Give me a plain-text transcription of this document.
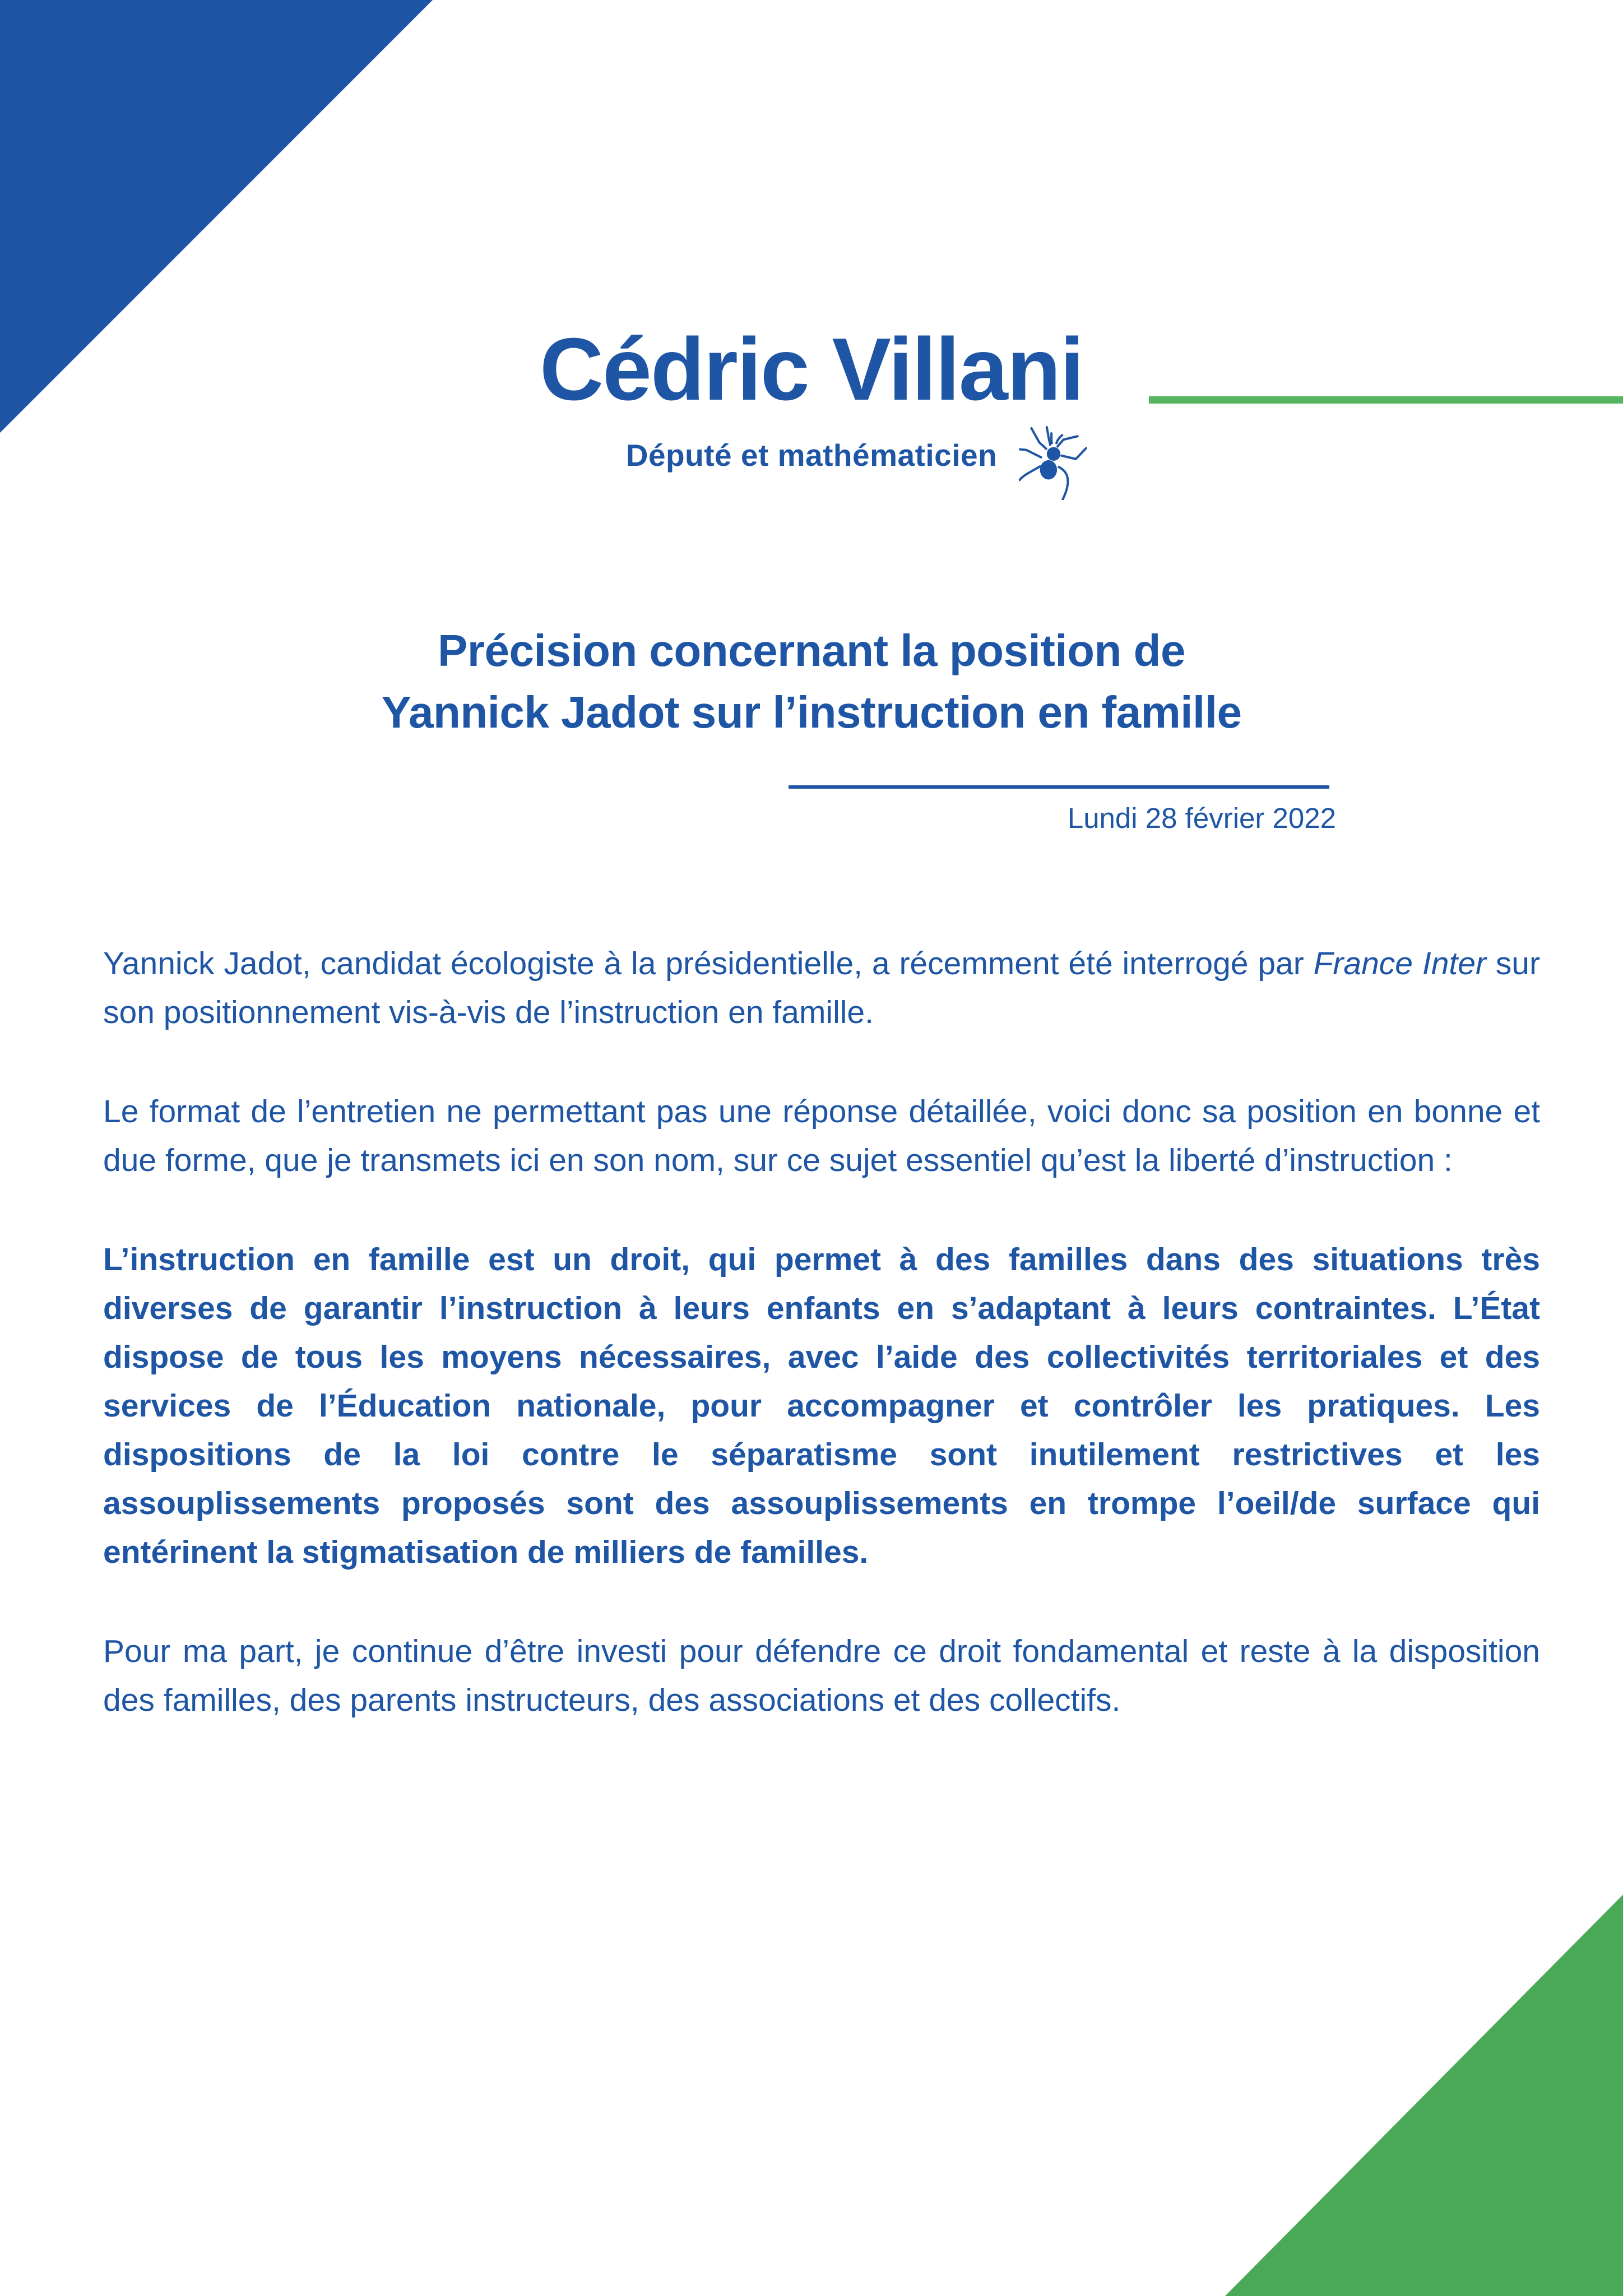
Cédric Villani
Député et mathématicien
Précision concernant la position de
Yannick Jadot sur l’instruction en famille
Lundi 28 février 2022

Yannick Jadot, candidat écologiste à la présidentielle, a récemment été interrogé par France Inter sur son positionnement vis-à-vis de l’instruction en famille.

Le format de l’entretien ne permettant pas une réponse détaillée, voici donc sa position en bonne et due forme, que je transmets ici en son nom, sur ce sujet essentiel qu’est la liberté d’instruction :

L’instruction en famille est un droit, qui permet à des familles dans des situations très diverses de garantir l’instruction à leurs enfants en s’adaptant à leurs contraintes. L’État dispose de tous les moyens nécessaires, avec l’aide des collectivités territoriales et des services de l’Éducation nationale, pour accompagner et contrôler les pratiques. Les dispositions de la loi contre le séparatisme sont inutilement restrictives et les assouplissements proposés sont des assouplissements en trompe l’oeil/de surface qui entérinent la stigmatisation de milliers de familles.

Pour ma part, je continue d’être investi pour défendre ce droit fondamental et reste à la disposition des familles, des parents instructeurs, des associations et des collectifs.
